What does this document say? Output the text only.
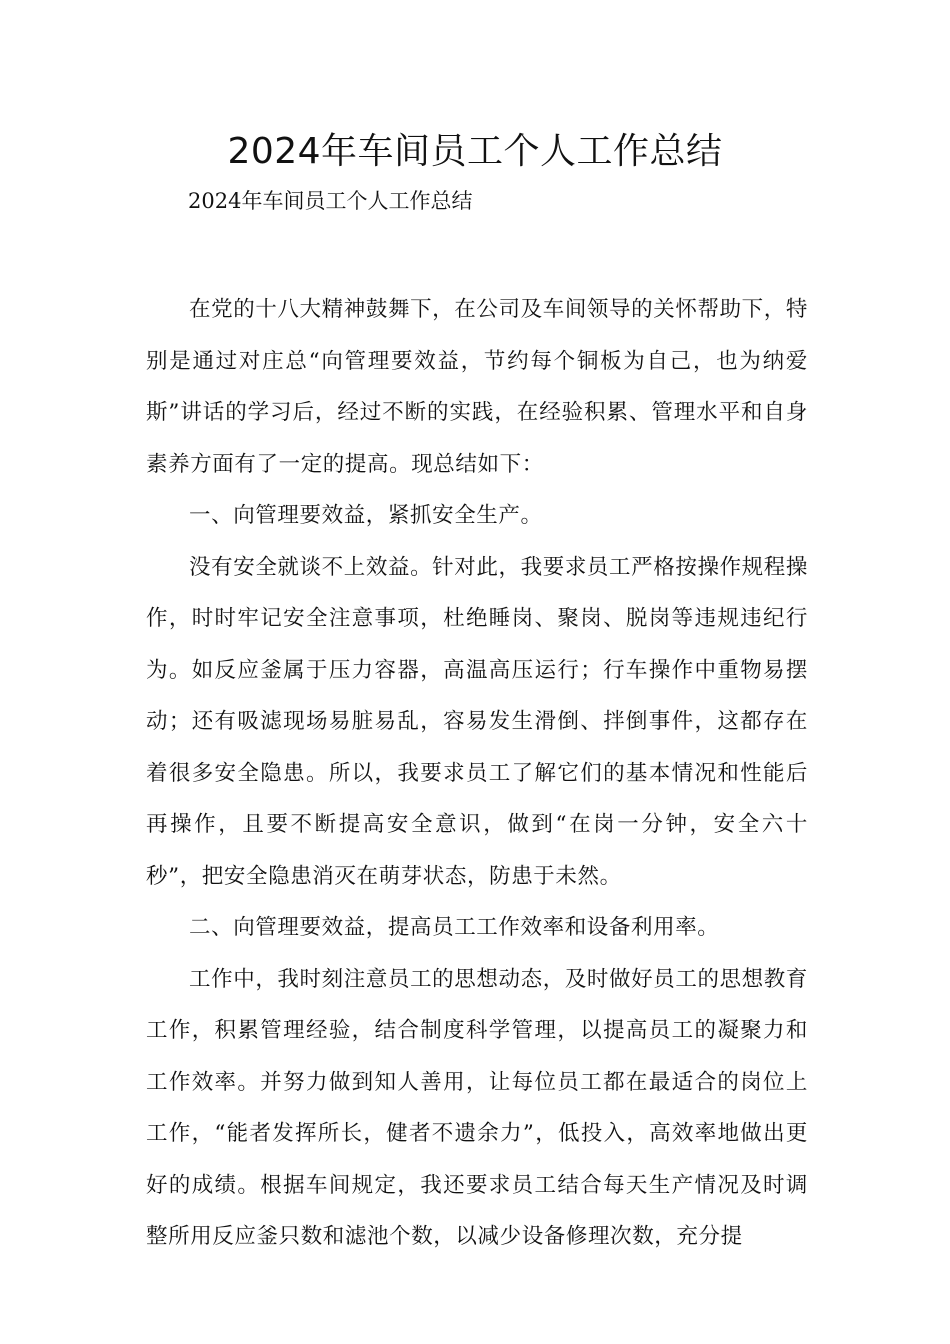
2024年车间员工个人工作总结

2024年车间员工个人工作总结

在党的十八大精神鼓舞下，在公司及车间领导的关怀帮助下，特别是通过对庄总“向管理要效益，节约每个铜板为自己，也为纳爱斯”讲话的学习后，经过不断的实践，在经验积累、管理水平和自身素养方面有了一定的提高。现总结如下：

一、向管理要效益，紧抓安全生产。

没有安全就谈不上效益。针对此，我要求员工严格按操作规程操作，时时牢记安全注意事项，杜绝睡岗、聚岗、脱岗等违规违纪行为。如反应釜属于压力容器，高温高压运行；行车操作中重物易摆动；还有吸滤现场易脏易乱，容易发生滑倒、拌倒事件，这都存在着很多安全隐患。所以，我要求员工了解它们的基本情况和性能后再操作，且要不断提高安全意识，做到“在岗一分钟，安全六十秒”，把安全隐患消灭在萌芽状态，防患于未然。

二、向管理要效益，提高员工工作效率和设备利用率。

工作中，我时刻注意员工的思想动态，及时做好员工的思想教育工作，积累管理经验，结合制度科学管理，以提高员工的凝聚力和工作效率。并努力做到知人善用，让每位员工都在最适合的岗位上工作，“能者发挥所长，健者不遗余力”，低投入，高效率地做出更好的成绩。根据车间规定，我还要求员工结合每天生产情况及时调整所用反应釜只数和滤池个数，以减少设备修理次数，充分提
